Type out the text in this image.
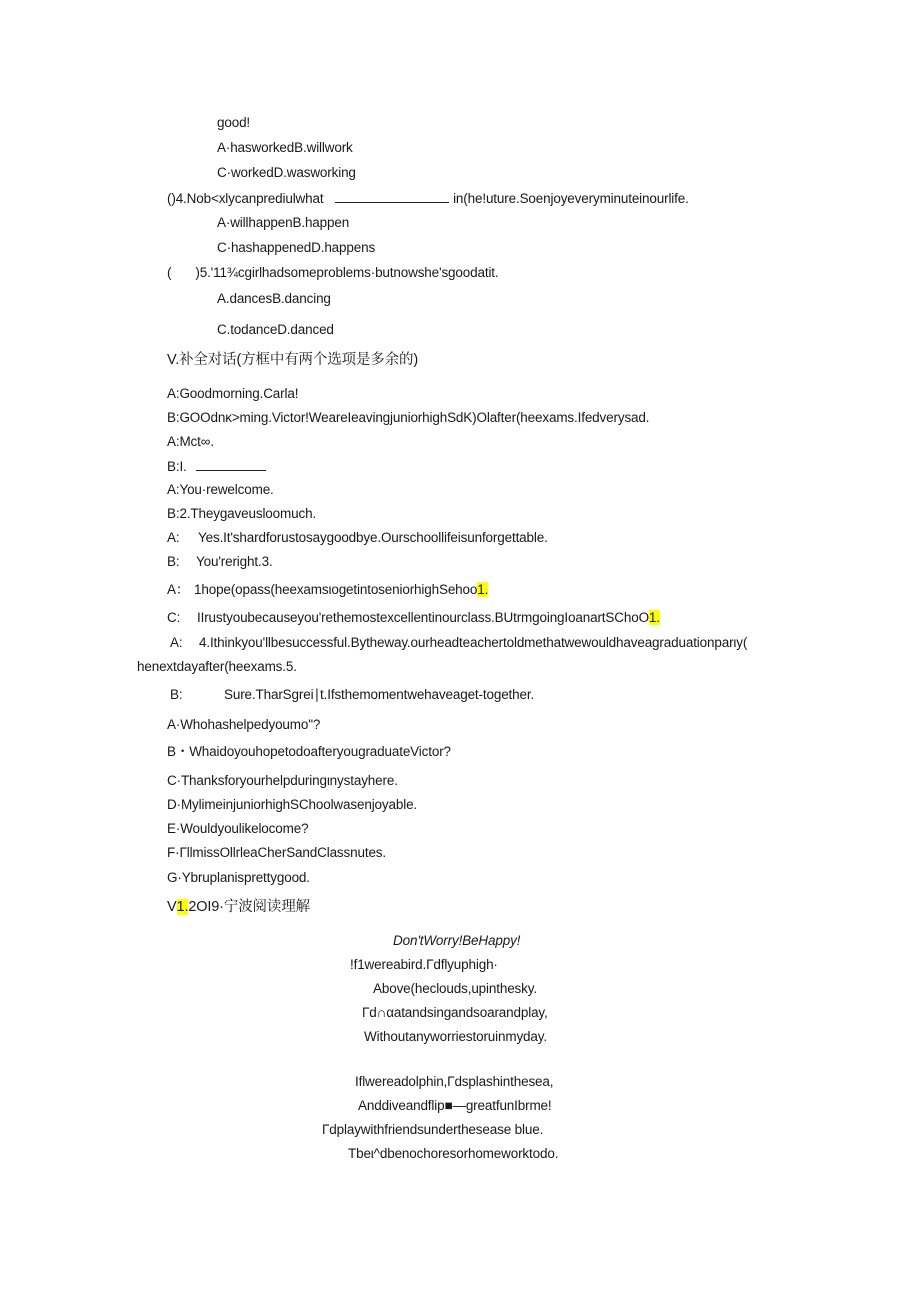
good!
A·hasworkedB.willwork
C·workedD.wasworking
()4.Nob<xlycanprediulwhat	in(he!uture.Soenjoyeveryminuteinourlife.
A·willhappenB.happen
C·hashappenedD.happens
( )5.'11¾cgirlhadsomeproblems·butnowshe'sgoodatit.
A.dancesB.dancing
C.todanceD.danced
V.补全对话(方框中有两个选项是多余的)
A:Goodmorning.Carla!
B:GOOdnκ>ming.Victor!WeareIeavingjuniorhighSdK)Olafter(heexams.Ifedverysad.
A:Mct∞.
B:I.
A:You·rewelcome.
B:2.Theygaveusloomuch.
A: Yes.It'shardforustosaygoodbye.Ourschoollifeisunforgettable.
B: You'reright.3.
A： 1hope(opass(heexamsιogetintoseniorhighSehoo1.
C: IIrustyoubecauseyou'rethemostexcellentinourclass.BUtrmgoingIoanartSChoO1.
A: 4.Ithinkyou'llbesuccessful.Bytheway.ourheadteachertoldmethatwewouldhaveagraduationparιy(
henextdayafter(heexams.5.
B:	Sure.TharSgrei∣t.Ifsthemomentwehaveaget-together.
A·Whohashelpedyoumo"?
B・WhaidoyouhopetodoafteryougraduateVictor?
C·Thanksforyourhelpduringιnystayhere.
D·MylimeinjuniorhighSChoolwasenjoyable.
E·Wouldyoulikelocome?
F·ΓllmissOllrleaCherSandClassnutes.
G·Ybruplanisprettygood.
V1.2OI9·宁波阅读理解
Don'tWorry!BeHappy!
!f1wereabird.Γdflyuphigh·
Above(heclouds,upinthesky.
Γd∩αatandsingandsoarandplay,
Withoutanyworriestoruinmyday.
Iflwereadolphin,Γdsplashinthesea,
Anddiveandflip■—greatfunIbrme!
Γdplaywithfriendsunderthesease blue.
Tbeι^dbenochoresorhomeworktodo.
